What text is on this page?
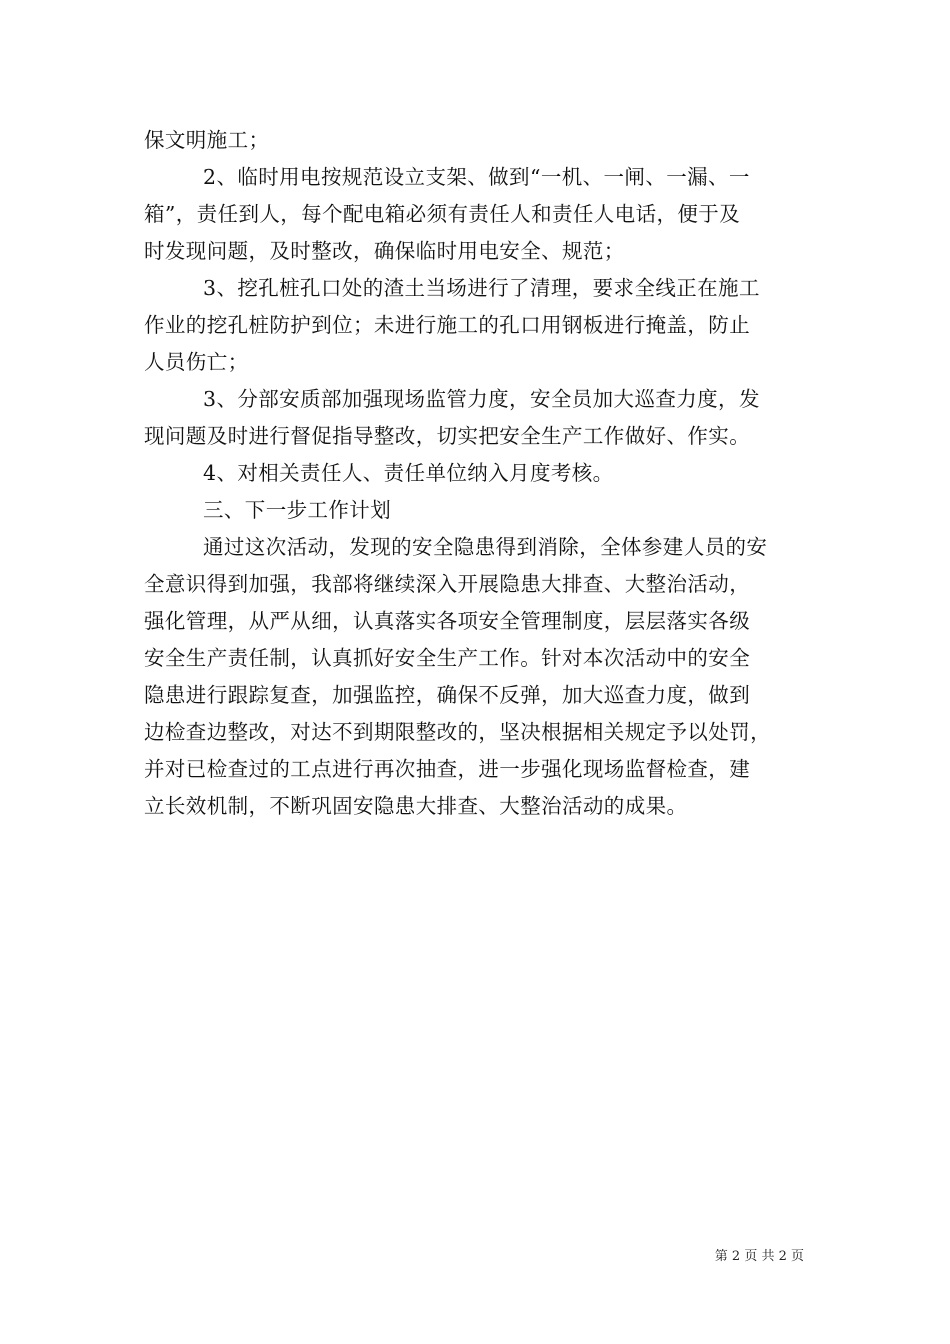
保文明施工；
2、临时用电按规范设立支架、做到“一机、一闸、一漏、一
箱”，责任到人，每个配电箱必须有责任人和责任人电话，便于及
时发现问题，及时整改，确保临时用电安全、规范；
3、挖孔桩孔口处的渣土当场进行了清理，要求全线正在施工
作业的挖孔桩防护到位；未进行施工的孔口用钢板进行掩盖，防止
人员伤亡；
3、分部安质部加强现场监管力度，安全员加大巡查力度，发
现问题及时进行督促指导整改，切实把安全生产工作做好、作实。
4、对相关责任人、责任单位纳入月度考核。
三、下一步工作计划
通过这次活动，发现的安全隐患得到消除，全体参建人员的安
全意识得到加强，我部将继续深入开展隐患大排查、大整治活动，
强化管理，从严从细，认真落实各项安全管理制度，层层落实各级
安全生产责任制，认真抓好安全生产工作。针对本次活动中的安全
隐患进行跟踪复查，加强监控，确保不反弹，加大巡查力度，做到
边检查边整改，对达不到期限整改的，坚决根据相关规定予以处罚，
并对已检查过的工点进行再次抽查，进一步强化现场监督检查，建
立长效机制，不断巩固安隐患大排查、大整治活动的成果。
第 2 页 共 2 页
